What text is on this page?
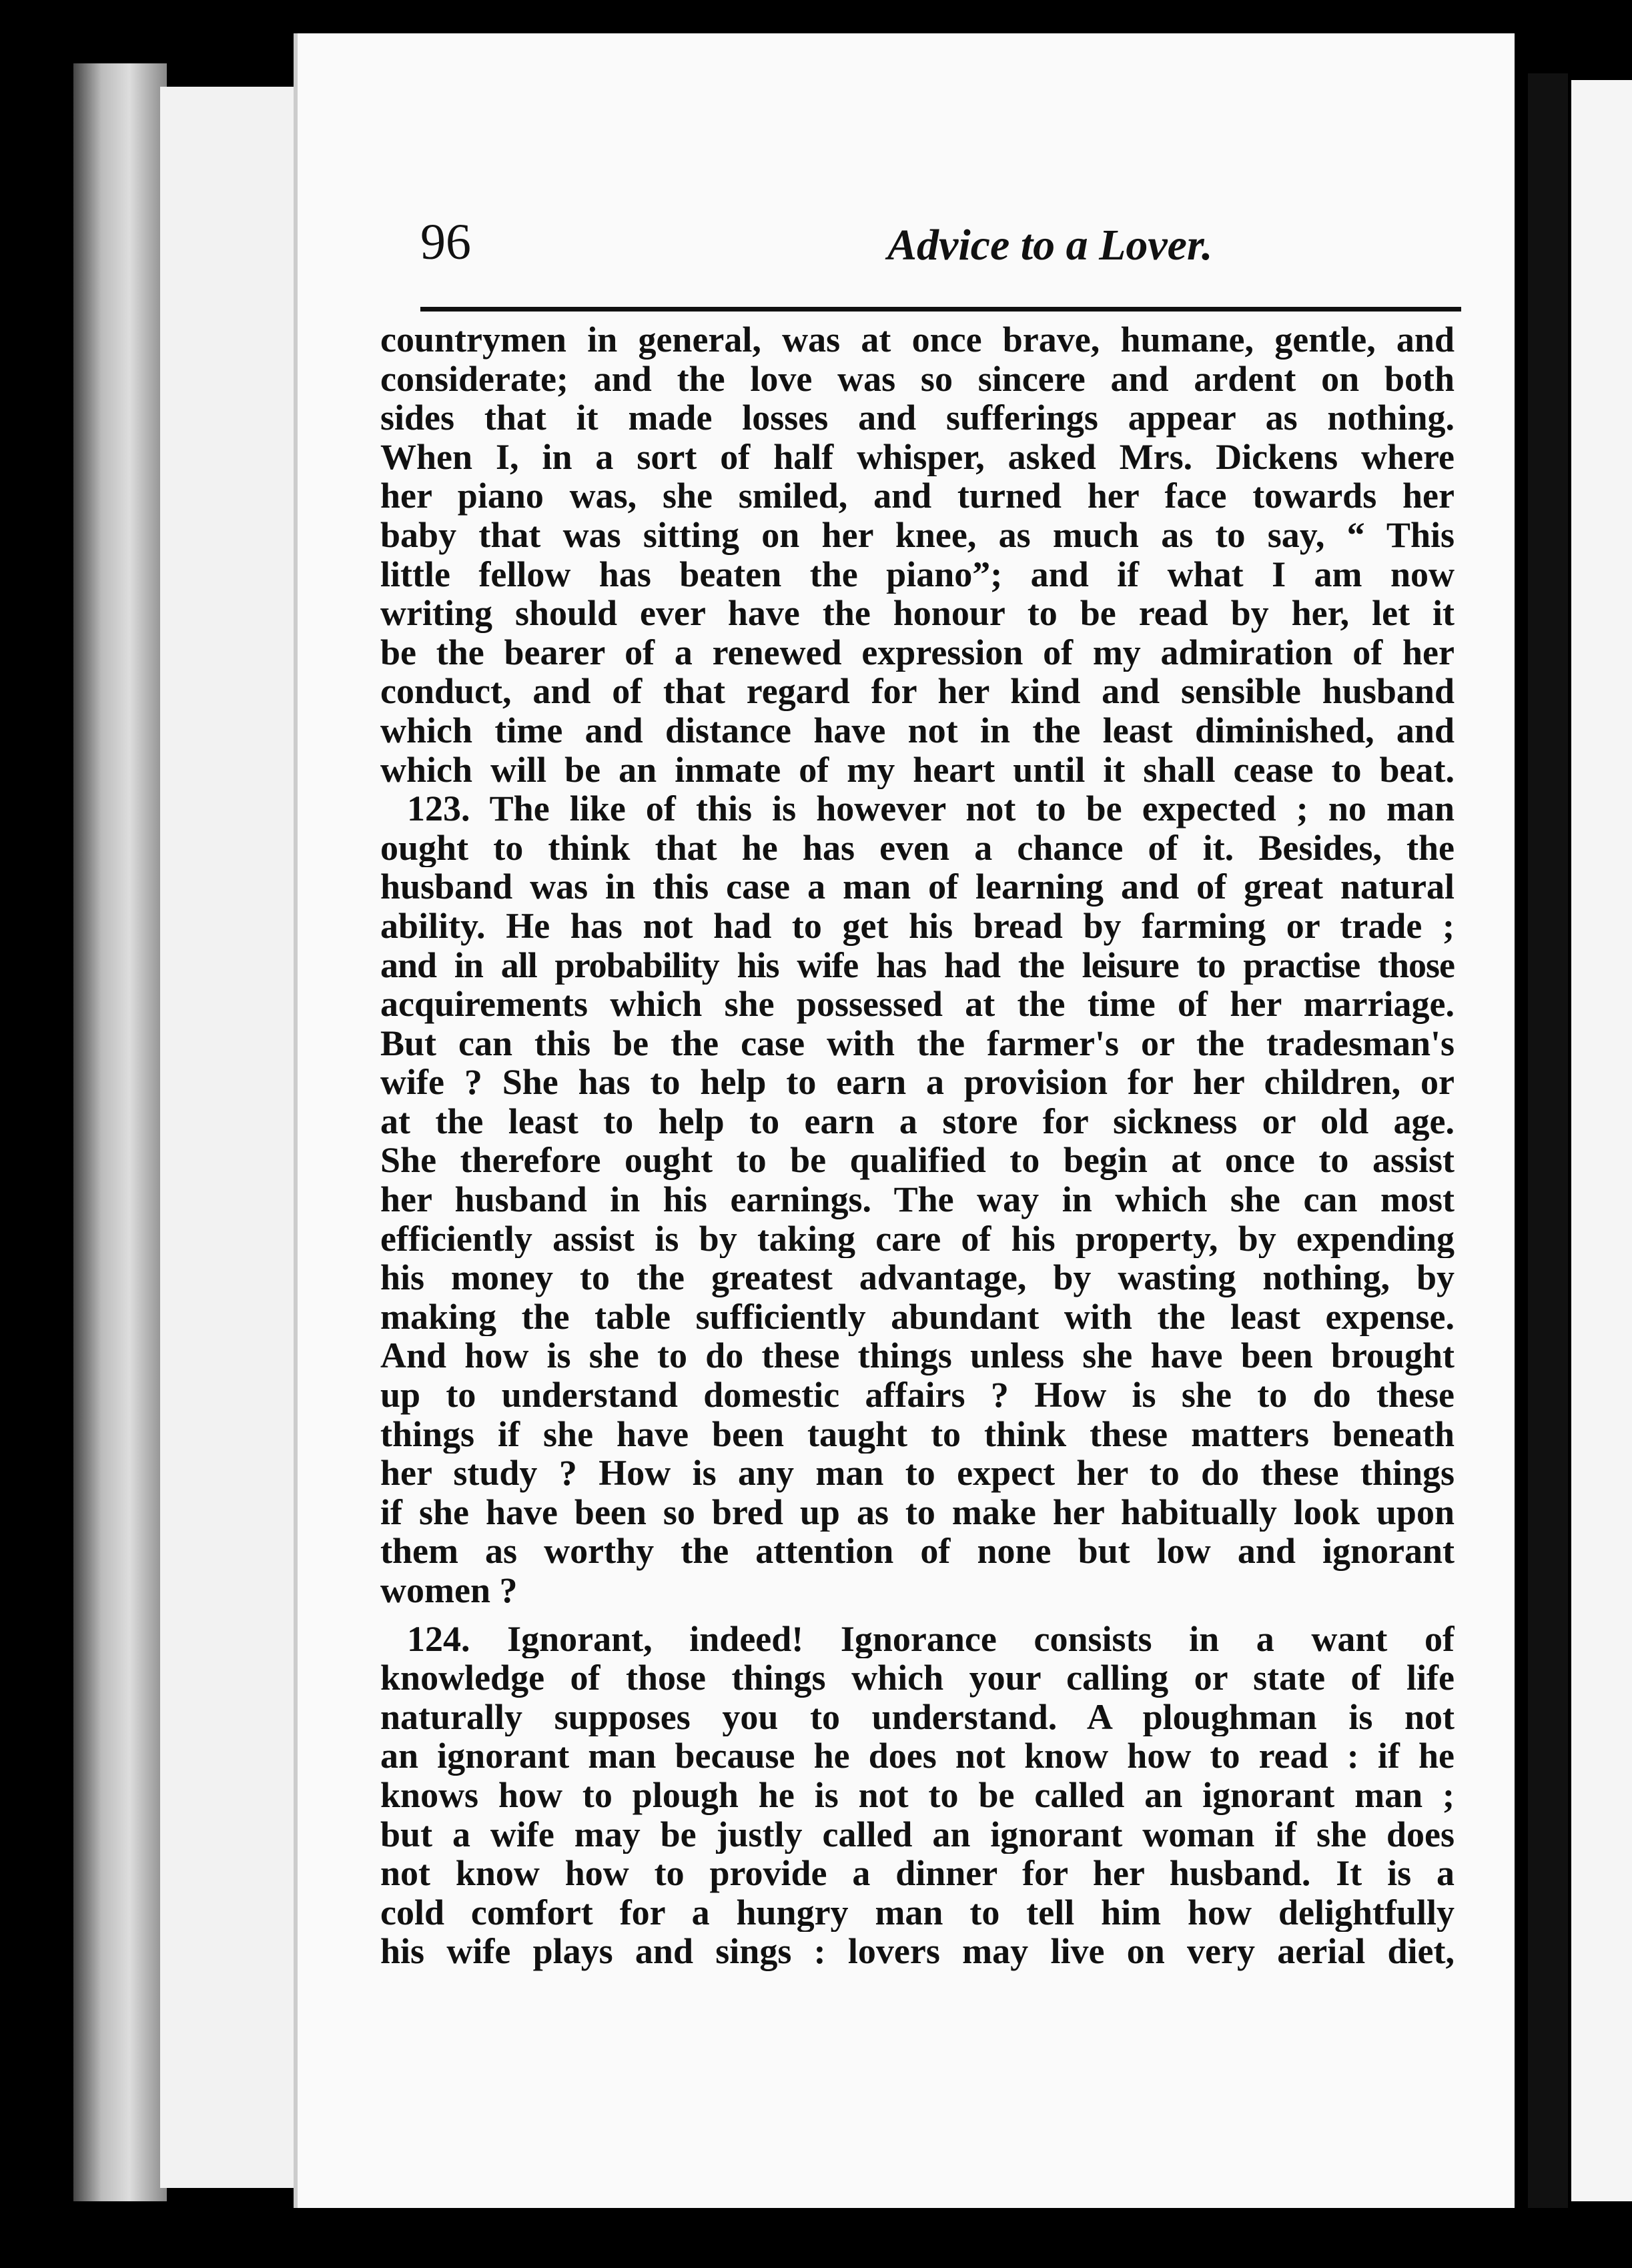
96	Advice to a Lover.
countrymen in general, was at once brave, humane, gentle, and
considerate; and the love was so sincere and ardent on both
sides that it made losses and sufferings appear as nothing.
When I, in a sort of half whisper, asked Mrs. Dickens where
her piano was, she smiled, and turned her face towards her
baby that was sitting on her knee, as much as to say, “ This
little fellow has beaten the piano”; and if what I am now
writing should ever have the honour to be read by her, let it
be the bearer of a renewed expression of my admiration of her
conduct, and of that regard for her kind and sensible husband
which time and distance have not in the least diminished, and
which will be an inmate of my heart until it shall cease to beat.
123. The like of this is however not to be expected ; no man
ought to think that he has even a chance of it. Besides, the
husband was in this case a man of learning and of great natural
ability. He has not had to get his bread by farming or trade ;
and in all probability his wife has had the leisure to practise those
acquirements which she possessed at the time of her marriage.
But can this be the case with the farmer's or the tradesman's
wife ? She has to help to earn a provision for her children, or
at the least to help to earn a store for sickness or old age.
She therefore ought to be qualified to begin at once to assist
her husband in his earnings. The way in which she can most
efficiently assist is by taking care of his property, by expending
his money to the greatest advantage, by wasting nothing, by
making the table sufficiently abundant with the least expense.
And how is she to do these things unless she have been brought
up to understand domestic affairs ? How is she to do these
things if she have been taught to think these matters beneath
her study ? How is any man to expect her to do these things
if she have been so bred up as to make her habitually look upon
them as worthy the attention of none but low and ignorant
women ?
124. Ignorant, indeed! Ignorance consists in a want of
knowledge of those things which your calling or state of life
naturally supposes you to understand. A ploughman is not
an ignorant man because he does not know how to read : if he
knows how to plough he is not to be called an ignorant man ;
but a wife may be justly called an ignorant woman if she does
not know how to provide a dinner for her husband. It is a
cold comfort for a hungry man to tell him how delightfully
his wife plays and sings : lovers may live on very aerial diet,
